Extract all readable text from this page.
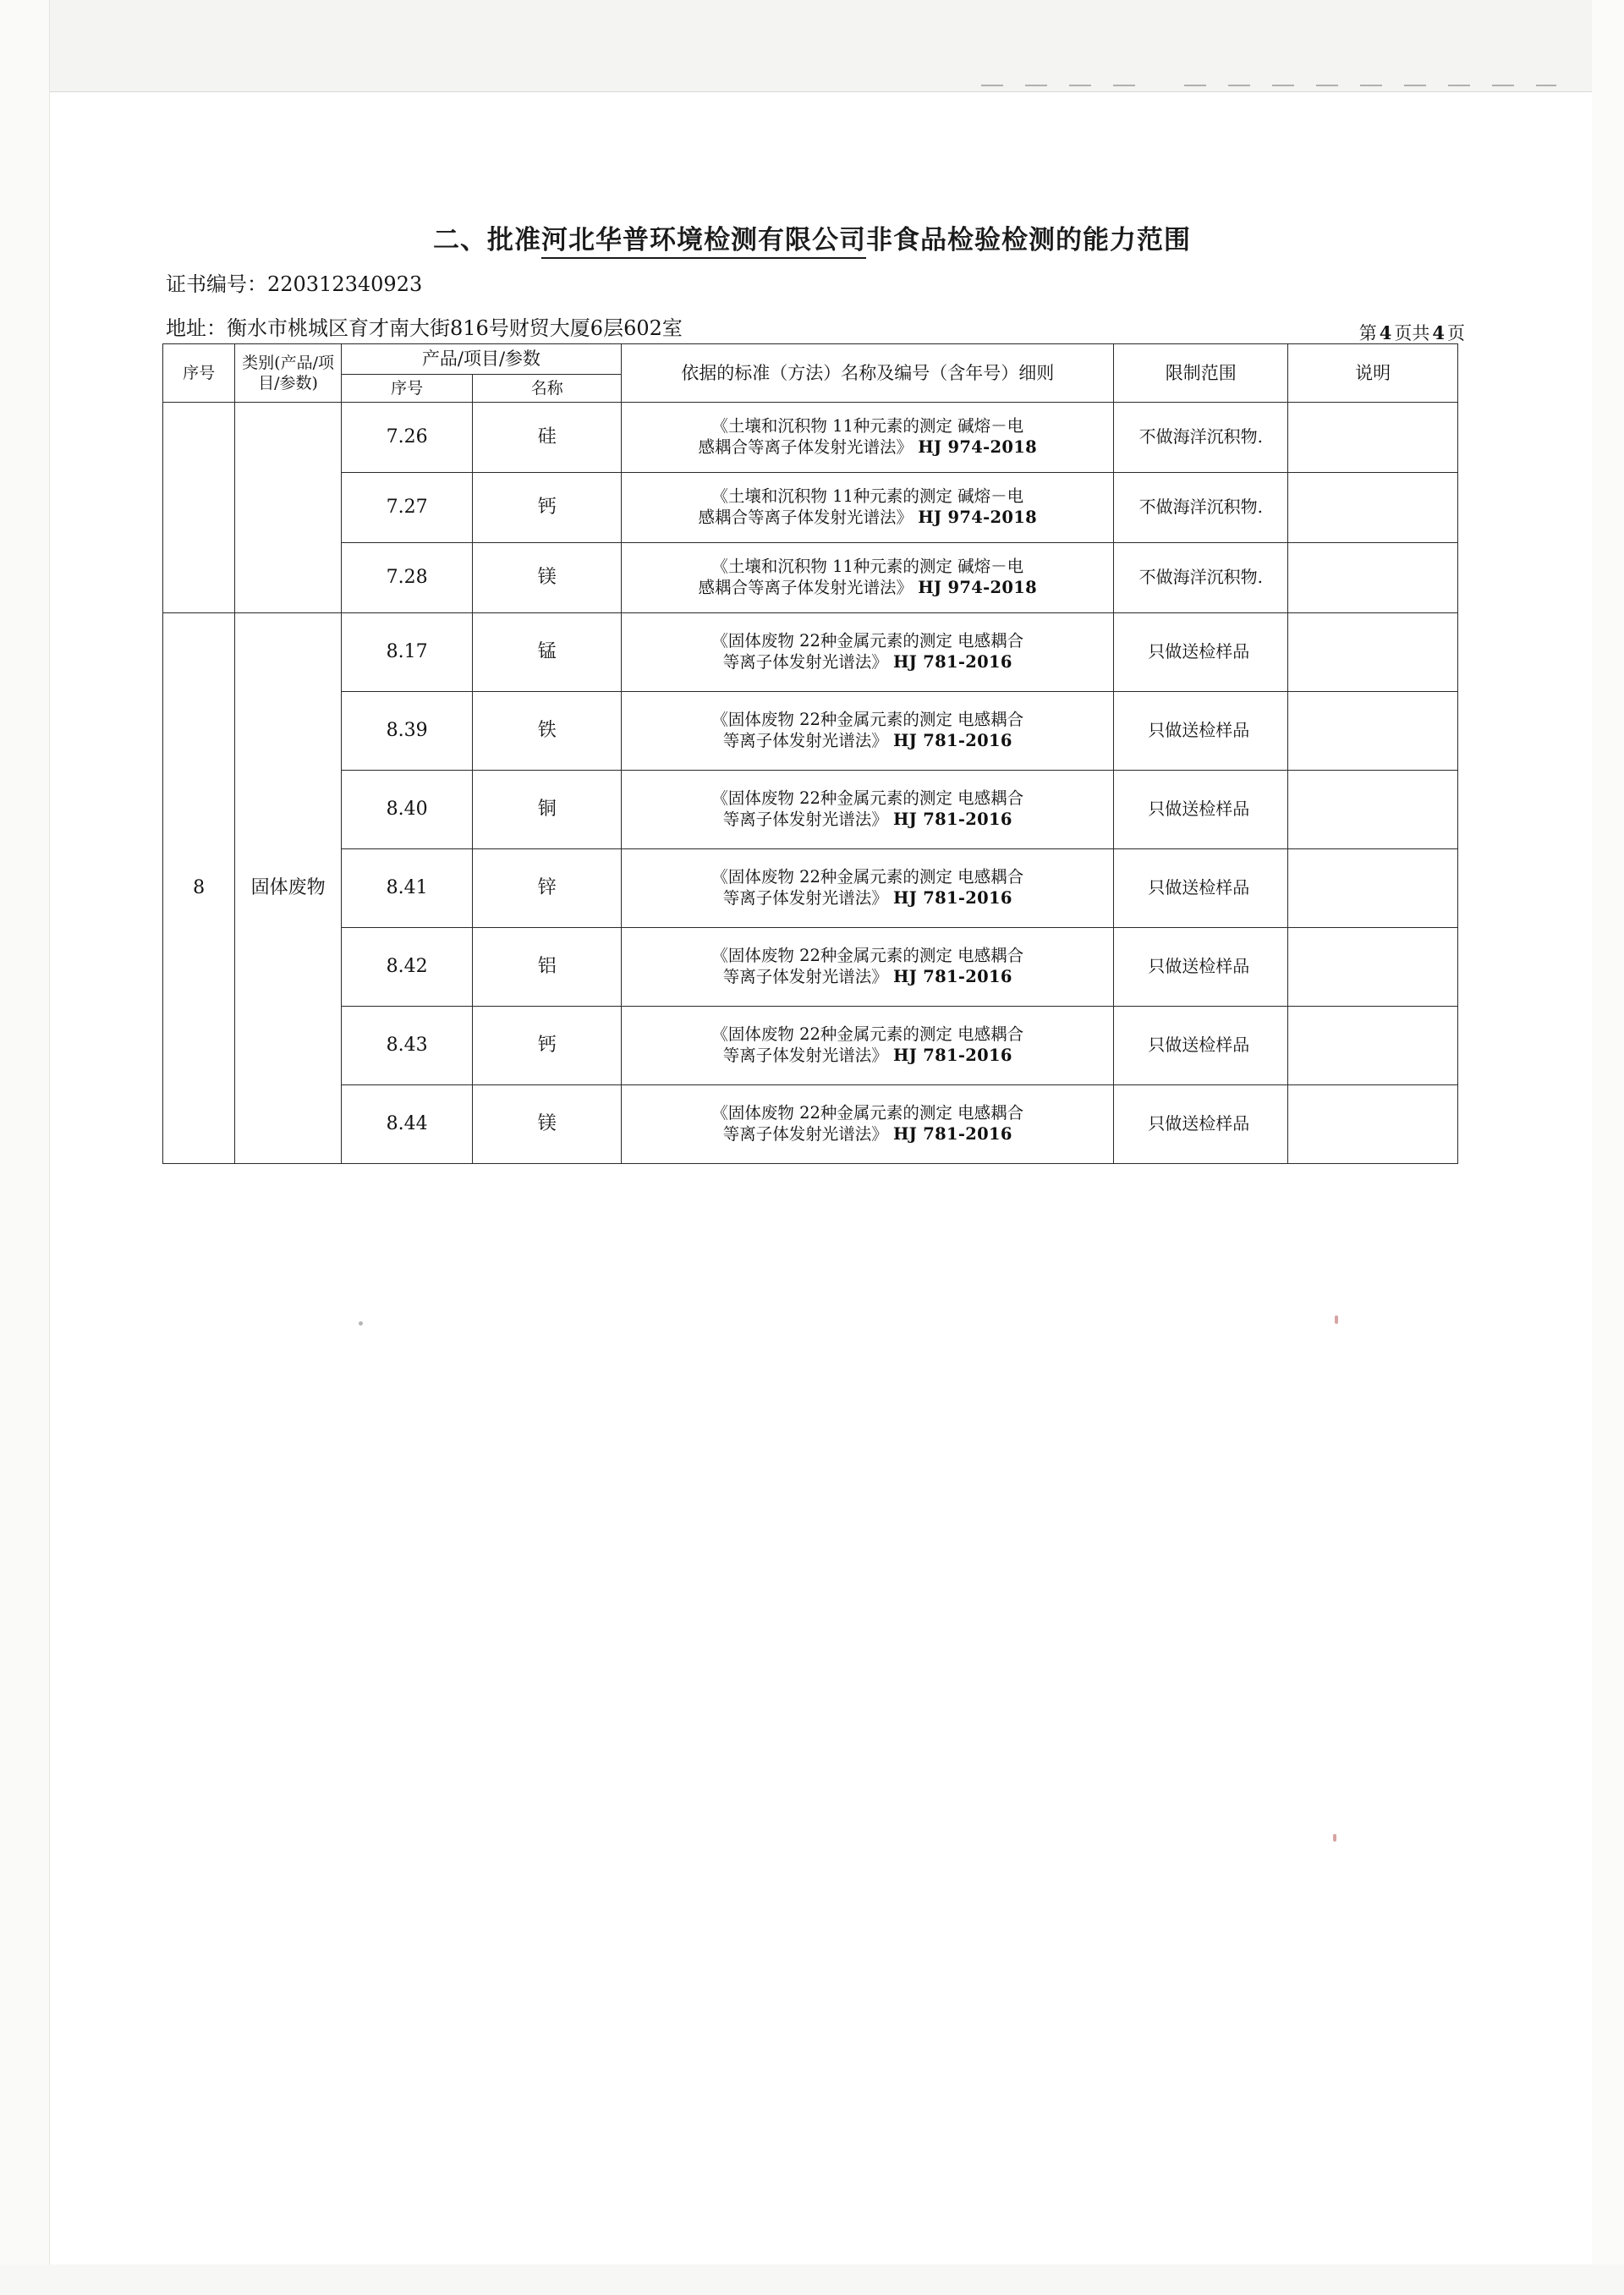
二、批准河北华普环境检测有限公司非食品检验检测的能力范围
证书编号：220312340923
地址：衡水市桃城区育才南大街816号财贸大厦6层602室	第 4 页共 4 页
序号	类别(产品/项目/参数)	产品/项目/参数		依据的标准（方法）名称及编号（含年号）细则	限制范围	说明
		序号	名称			
		7.26	硅	《土壤和沉积物 11种元素的测定 碱熔－电
感耦合等离子体发射光谱法》 HJ 974-2018	不做海洋沉积物.	
		7.27	钙	《土壤和沉积物 11种元素的测定 碱熔－电
感耦合等离子体发射光谱法》 HJ 974-2018	不做海洋沉积物.	
		7.28	镁	《土壤和沉积物 11种元素的测定 碱熔－电
感耦合等离子体发射光谱法》 HJ 974-2018	不做海洋沉积物.	
8	固体废物	8.17	锰	《固体废物 22种金属元素的测定 电感耦合
等离子体发射光谱法》 HJ 781-2016	只做送检样品	
		8.39	铁	《固体废物 22种金属元素的测定 电感耦合
等离子体发射光谱法》 HJ 781-2016	只做送检样品	
		8.40	铜	《固体废物 22种金属元素的测定 电感耦合
等离子体发射光谱法》 HJ 781-2016	只做送检样品	
		8.41	锌	《固体废物 22种金属元素的测定 电感耦合
等离子体发射光谱法》 HJ 781-2016	只做送检样品	
		8.42	铝	《固体废物 22种金属元素的测定 电感耦合
等离子体发射光谱法》 HJ 781-2016	只做送检样品	
		8.43	钙	《固体废物 22种金属元素的测定 电感耦合
等离子体发射光谱法》 HJ 781-2016	只做送检样品	
		8.44	镁	《固体废物 22种金属元素的测定 电感耦合
等离子体发射光谱法》 HJ 781-2016	只做送检样品	
